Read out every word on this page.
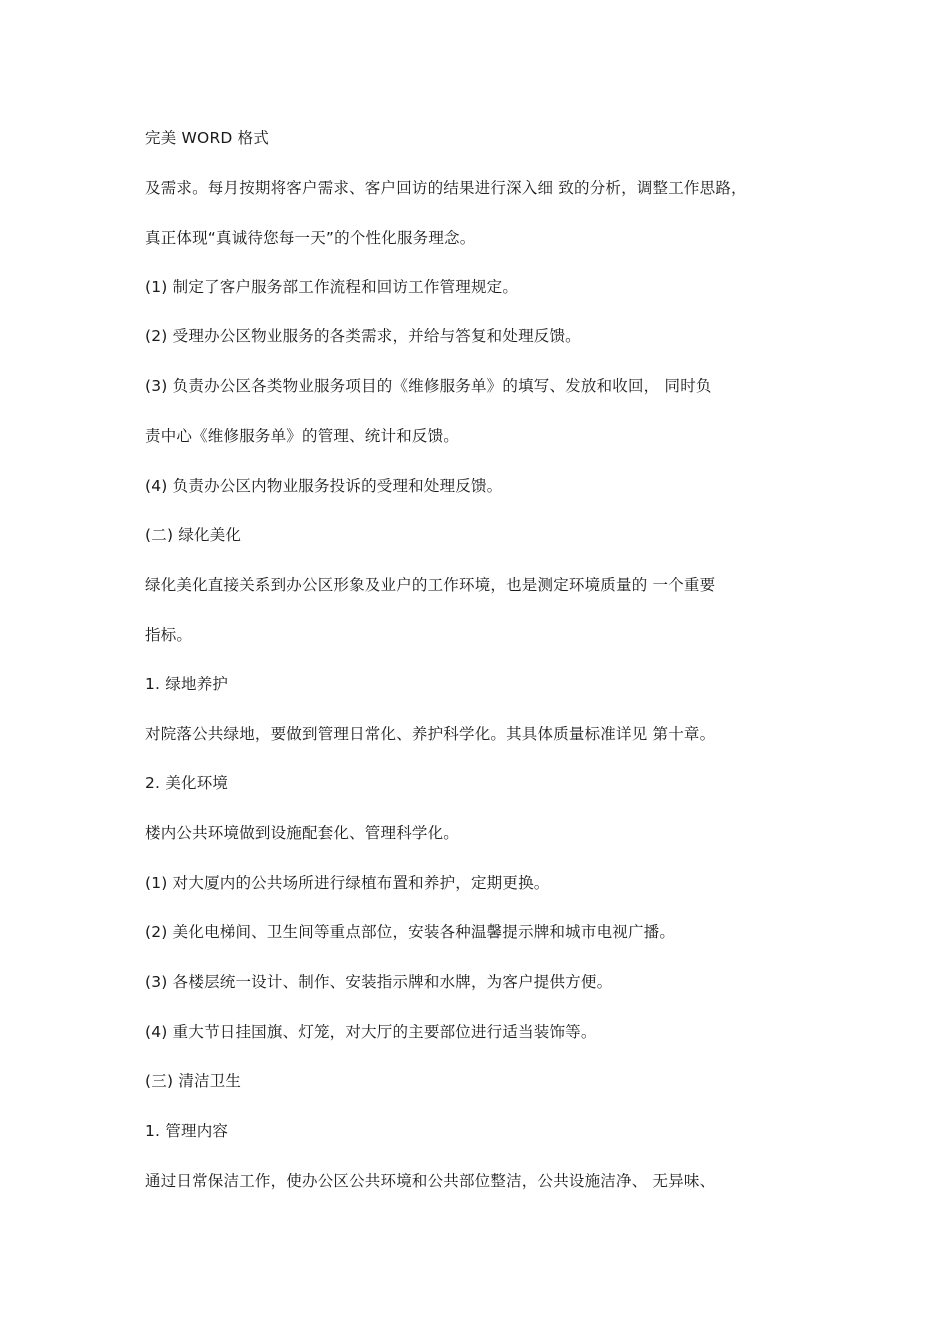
完美 WORD 格式
及需求。每月按期将客户需求、客户回访的结果进行深入细 致的分析，调整工作思路，
真正体现“真诚待您每一天”的个性化服务理念。
(1) 制定了客户服务部工作流程和回访工作管理规定。
(2) 受理办公区物业服务的各类需求，并给与答复和处理反馈。
(3) 负责办公区各类物业服务项目的《维修服务单》的填写、发放和收回， 同时负
责中心《维修服务单》的管理、统计和反馈。
(4) 负责办公区内物业服务投诉的受理和处理反馈。
(二) 绿化美化
绿化美化直接关系到办公区形象及业户的工作环境，也是测定环境质量的 一个重要
指标。
1. 绿地养护
对院落公共绿地，要做到管理日常化、养护科学化。其具体质量标准详见 第十章。
2. 美化环境
楼内公共环境做到设施配套化、管理科学化。
(1) 对大厦内的公共场所进行绿植布置和养护，定期更换。
(2) 美化电梯间、卫生间等重点部位，安装各种温馨提示牌和城市电视广播。
(3) 各楼层统一设计、制作、安装指示牌和水牌，为客户提供方便。
(4) 重大节日挂国旗、灯笼，对大厅的主要部位进行适当装饰等。
(三) 清洁卫生
1. 管理内容
通过日常保洁工作，使办公区公共环境和公共部位整洁，公共设施洁净、 无异味、
